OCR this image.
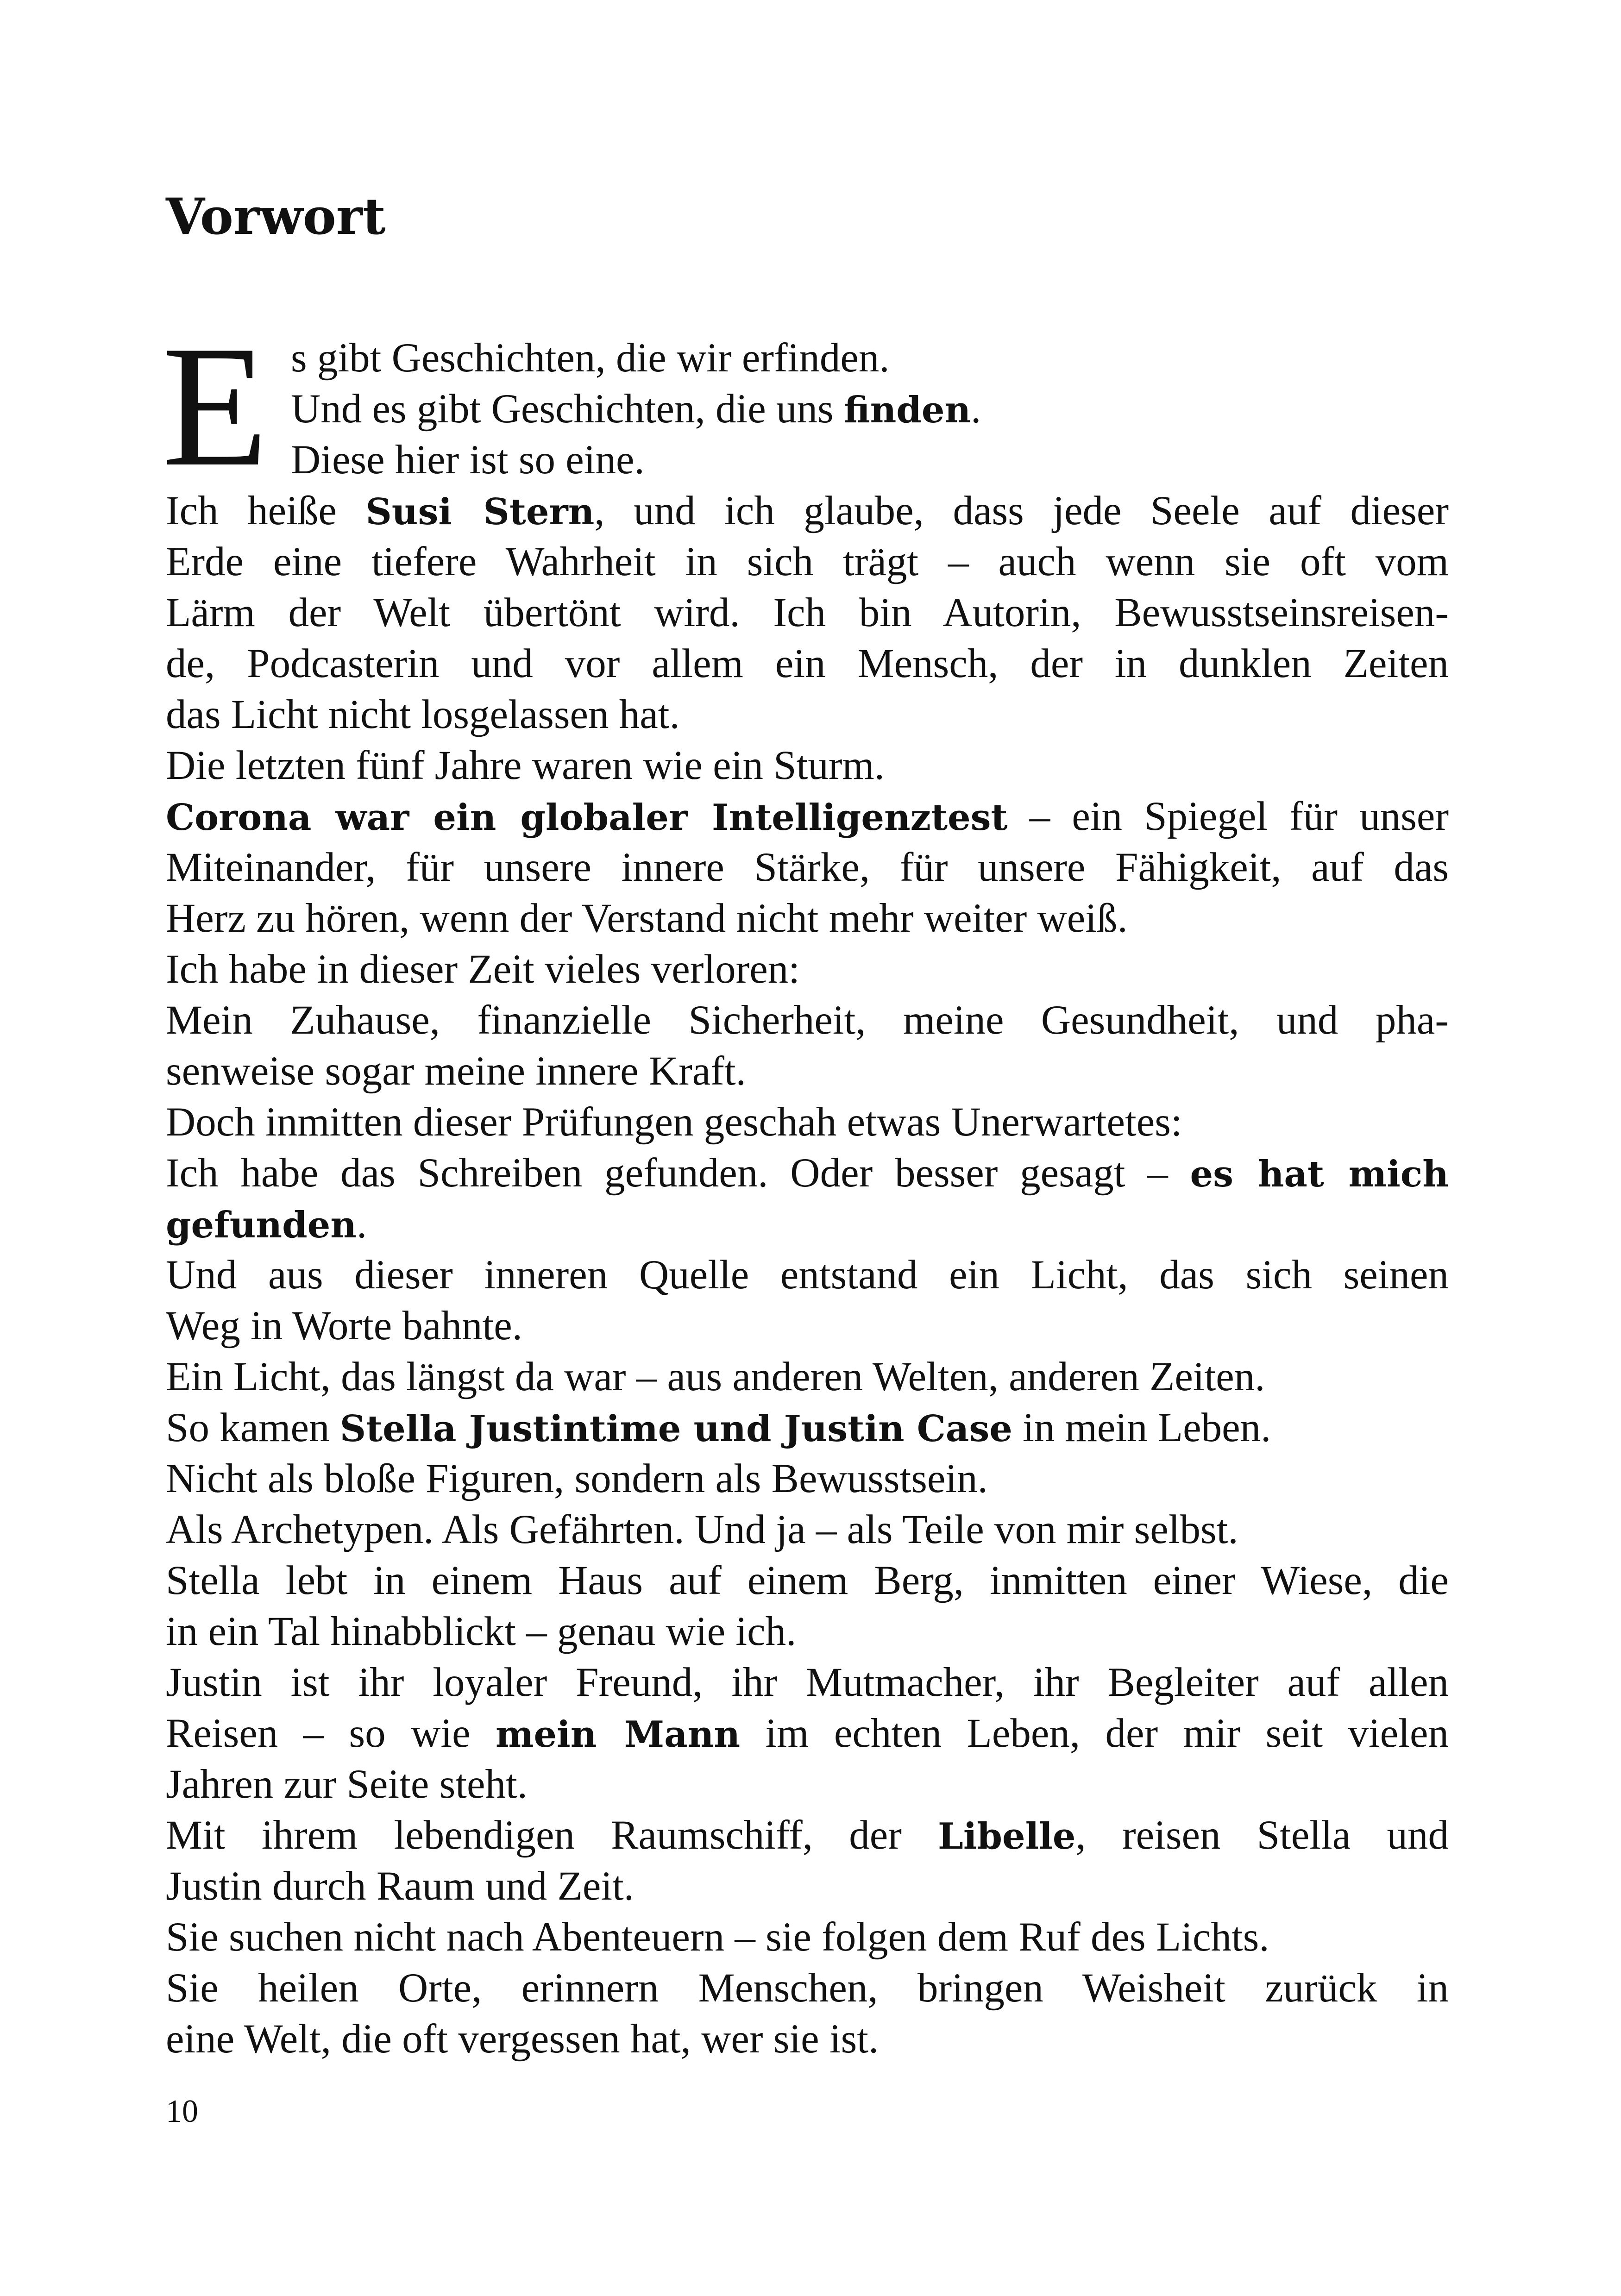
Vorwort
E s gibt Geschichten, die wir erfinden.
Und es gibt Geschichten, die uns finden.
Diese hier ist so eine.
Ich heiße Susi Stern, und ich glaube, dass jede Seele auf dieser
Erde eine tiefere Wahrheit in sich trägt – auch wenn sie oft vom
Lärm der Welt übertönt wird. Ich bin Autorin, Bewusstseinsreisen-
de, Podcasterin und vor allem ein Mensch, der in dunklen Zeiten
das Licht nicht losgelassen hat.
Die letzten fünf Jahre waren wie ein Sturm.
Corona war ein globaler Intelligenztest – ein Spiegel für unser
Miteinander, für unsere innere Stärke, für unsere Fähigkeit, auf das
Herz zu hören, wenn der Verstand nicht mehr weiter weiß.
Ich habe in dieser Zeit vieles verloren:
Mein Zuhause, finanzielle Sicherheit, meine Gesundheit, und pha-
senweise sogar meine innere Kraft.
Doch inmitten dieser Prüfungen geschah etwas Unerwartetes:
Ich habe das Schreiben gefunden. Oder besser gesagt – es hat mich
gefunden.
Und aus dieser inneren Quelle entstand ein Licht, das sich seinen
Weg in Worte bahnte.
Ein Licht, das längst da war – aus anderen Welten, anderen Zeiten.
So kamen Stella Justintime und Justin Case in mein Leben.
Nicht als bloße Figuren, sondern als Bewusstsein.
Als Archetypen. Als Gefährten. Und ja – als Teile von mir selbst.
Stella lebt in einem Haus auf einem Berg, inmitten einer Wiese, die
in ein Tal hinabblickt – genau wie ich.
Justin ist ihr loyaler Freund, ihr Mutmacher, ihr Begleiter auf allen
Reisen – so wie mein Mann im echten Leben, der mir seit vielen
Jahren zur Seite steht.
Mit ihrem lebendigen Raumschiff, der Libelle, reisen Stella und
Justin durch Raum und Zeit.
Sie suchen nicht nach Abenteuern – sie folgen dem Ruf des Lichts.
Sie heilen Orte, erinnern Menschen, bringen Weisheit zurück in
eine Welt, die oft vergessen hat, wer sie ist.
10
